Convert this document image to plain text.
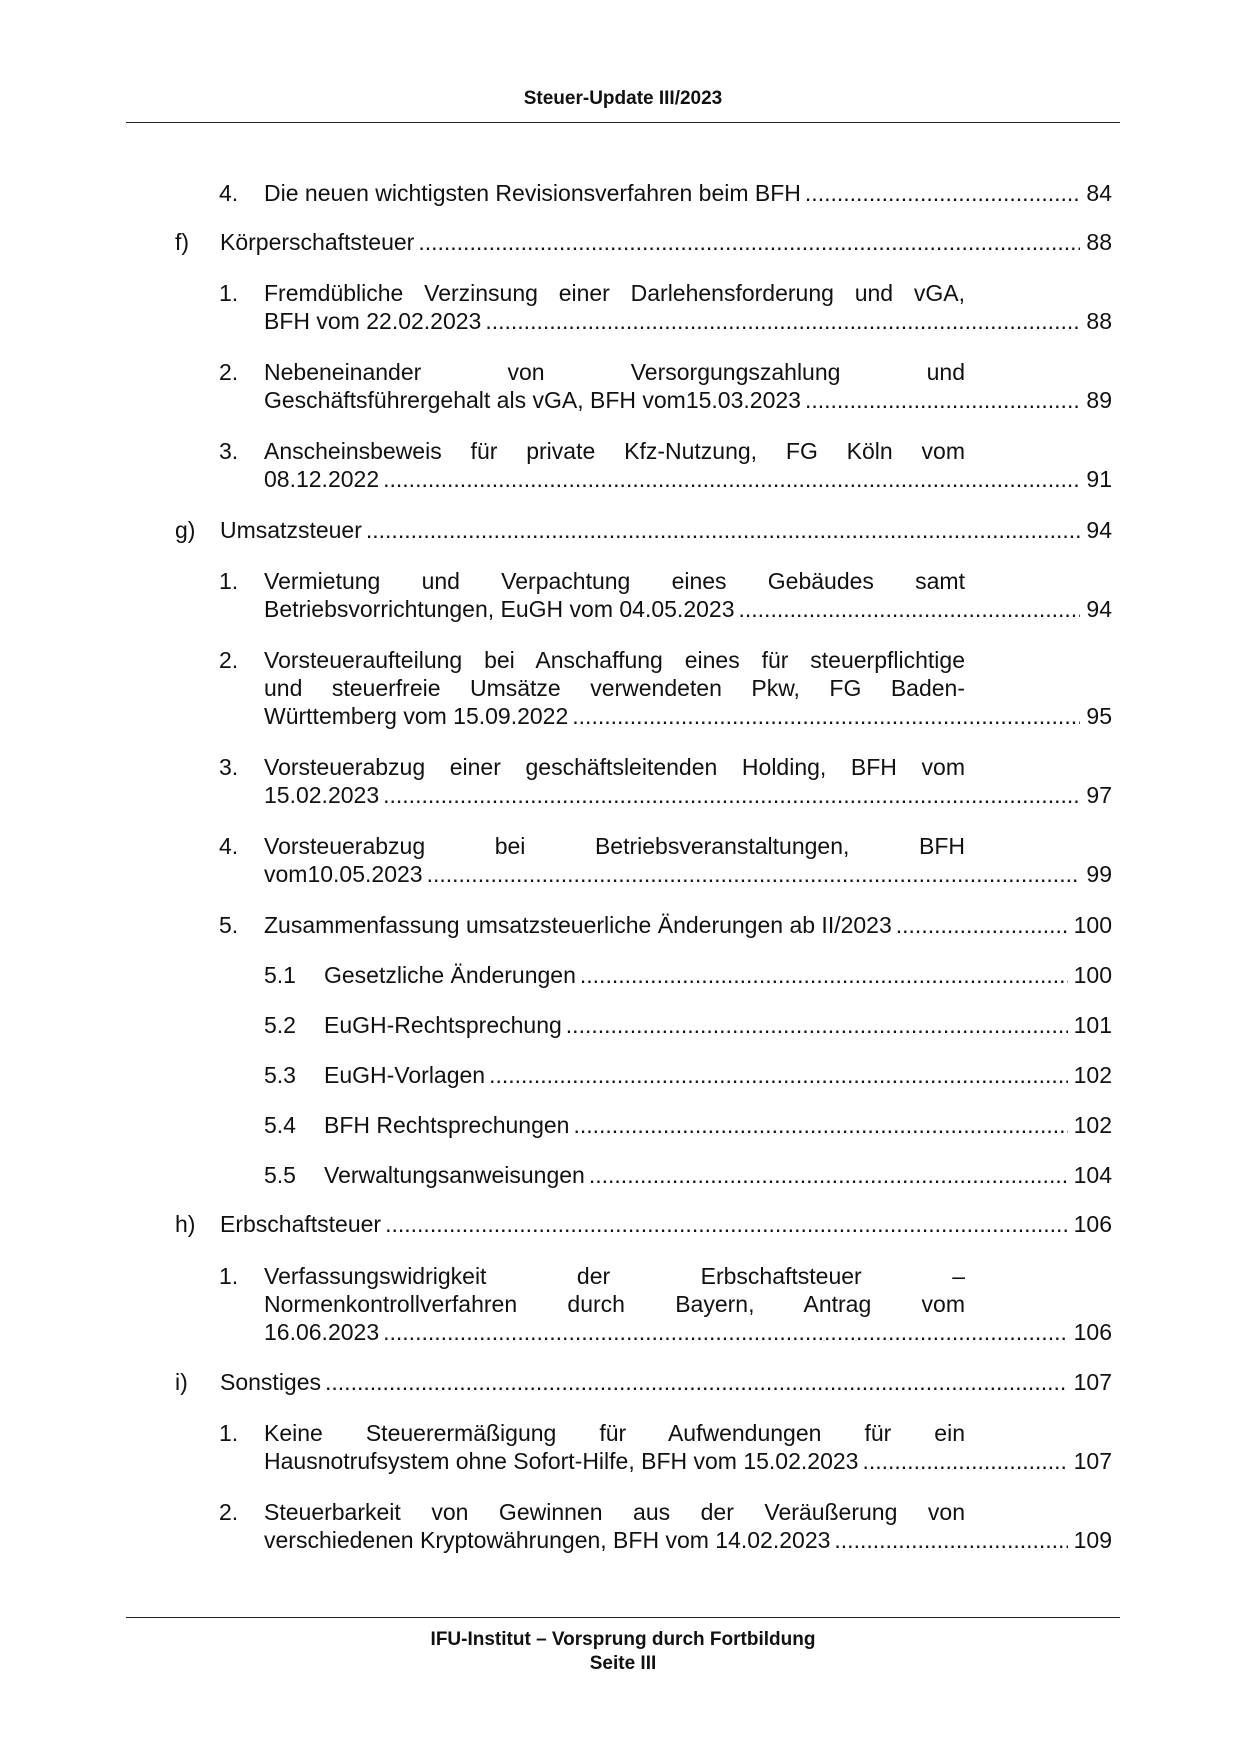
Steuer-Update III/2023
4. Die neuen wichtigsten Revisionsverfahren beim BFH .....	84
f) Körperschaftsteuer .....	88
1. Fremdübliche Verzinsung einer Darlehensforderung und vGA,
BFH vom 22.02.2023 .....	88
2. Nebeneinander von Versorgungszahlung und
Geschäftsführergehalt als vGA, BFH vom15.03.2023 .....	89
3. Anscheinsbeweis für private Kfz-Nutzung, FG Köln vom
08.12.2022 .....	91
g) Umsatzsteuer .....	94
1. Vermietung und Verpachtung eines Gebäudes samt
Betriebsvorrichtungen, EuGH vom 04.05.2023 .....	94
2. Vorsteueraufteilung bei Anschaffung eines für steuerpflichtige
und steuerfreie Umsätze verwendeten Pkw, FG Baden-
Württemberg vom 15.09.2022 .....	95
3. Vorsteuerabzug einer geschäftsleitenden Holding, BFH vom
15.02.2023 .....	97
4. Vorsteuerabzug bei Betriebsveranstaltungen, BFH
vom10.05.2023 .....	99
5. Zusammenfassung umsatzsteuerliche Änderungen ab II/2023 .....	100
5.1 Gesetzliche Änderungen .....	100
5.2 EuGH-Rechtsprechung .....	101
5.3 EuGH-Vorlagen .....	102
5.4 BFH Rechtsprechungen .....	102
5.5 Verwaltungsanweisungen .....	104
h) Erbschaftsteuer .....	106
1. Verfassungswidrigkeit der Erbschaftsteuer –
Normenkontrollverfahren durch Bayern, Antrag vom
16.06.2023 .....	106
i) Sonstiges .....	107
1. Keine Steuerermäßigung für Aufwendungen für ein
Hausnotrufsystem ohne Sofort-Hilfe, BFH vom 15.02.2023 .....	107
2. Steuerbarkeit von Gewinnen aus der Veräußerung von
verschiedenen Kryptowährungen, BFH vom 14.02.2023 .....	109
IFU-Institut – Vorsprung durch Fortbildung
Seite III
